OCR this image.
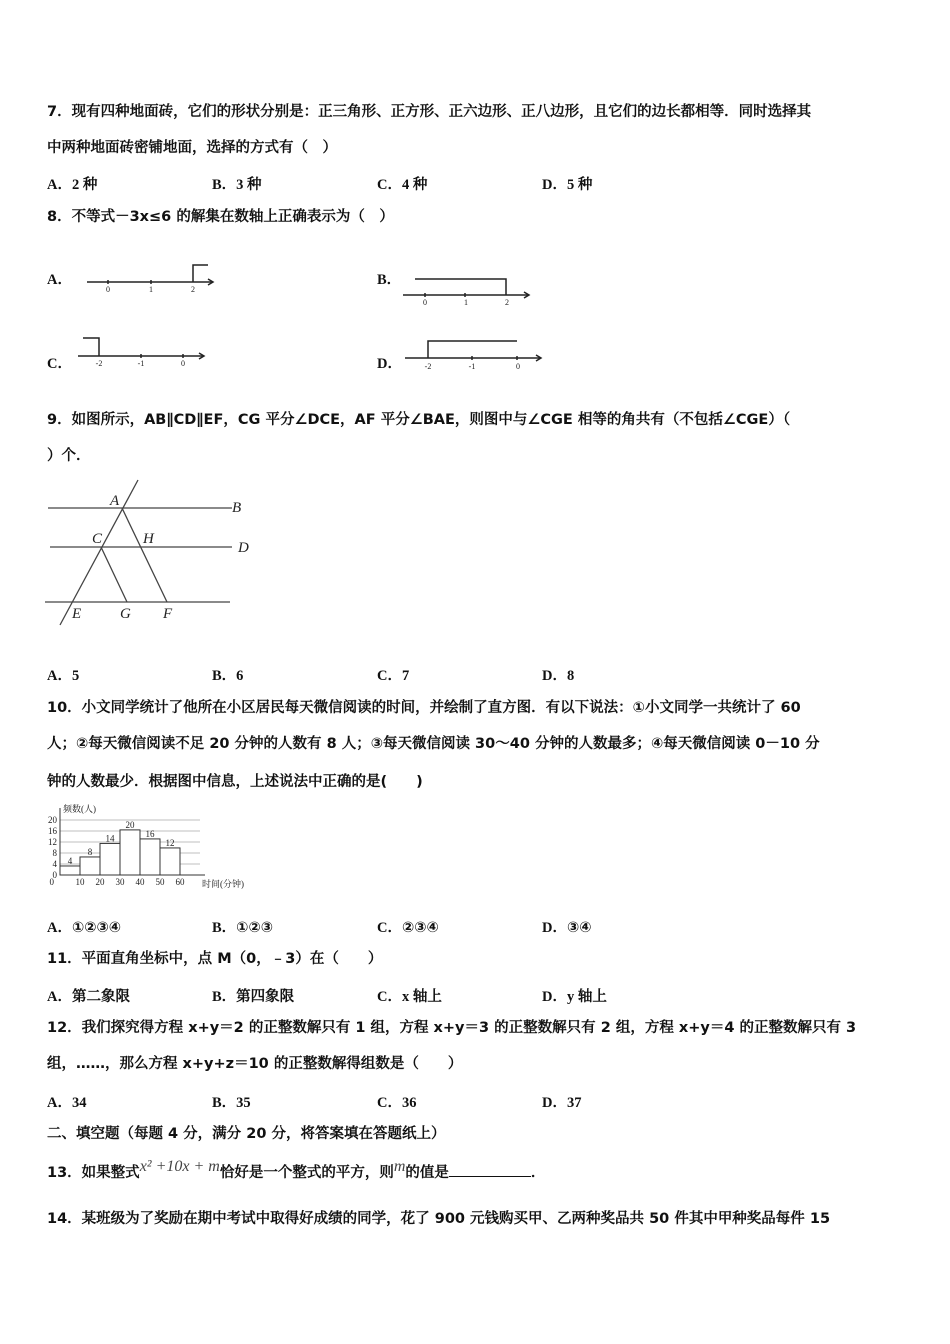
7．现有四种地面砖，它们的形状分别是：正三角形、正方形、正六边形、正八边形，且它们的边长都相等．同时选择其
中两种地面砖密铺地面，选择的方式有（　）
A．2 种	B．3 种	C．4 种	D．5 种
8．不等式－3x≤6 的解集在数轴上正确表示为（　）
A．	B．
C．	D．
0	1	2
0	1	2
-2	-1	0	-2	-1	0
9．如图所示，AB∥CD∥EF，CG 平分∠DCE，AF 平分∠BAE，则图中与∠CGE 相等的角共有（不包括∠CGE）（
）个．
A	B
C	H
D
E	G F
A．5	B．6	C．7	D．8
10．小文同学统计了他所在小区居民每天微信阅读的时间，并绘制了直方图．有以下说法：①小文同学一共统计了 60
人；②每天微信阅读不足 20 分钟的人数有 8 人；③每天微信阅读 30～40 分钟的人数最多；④每天微信阅读 0－10 分
钟的人数最少．根据图中信息，上述说法中正确的是(　　)
0
4
8
12
16
20
频数(人)
10 20 30 40 50 60
0	时间(分钟)
4
8
14
20
16
12
A．①②③④	B．①②③	C．②③④	D．③④
11．平面直角坐标中，点 M（0，﹣3）在（　　）
A．第二象限	B．第四象限	C．x 轴上	D．y 轴上
12．我们探究得方程 x+y＝2 的正整数解只有 1 组，方程 x+y＝3 的正整数解只有 2 组，方程 x+y＝4 的正整数解只有 3
组，……，那么方程 x+y+z＝10 的正整数解得组数是（　　）
A．34	B．35	C．36	D．37
二、填空题（每题 4 分，满分 20 分，将答案填在答题纸上）
13．如果整式x² +10x + m恰好是一个整式的平方，则m的值是	．
14．某班级为了奖励在期中考试中取得好成绩的同学，花了 900 元钱购买甲、乙两种奖品共 50 件其中甲种奖品每件 15
